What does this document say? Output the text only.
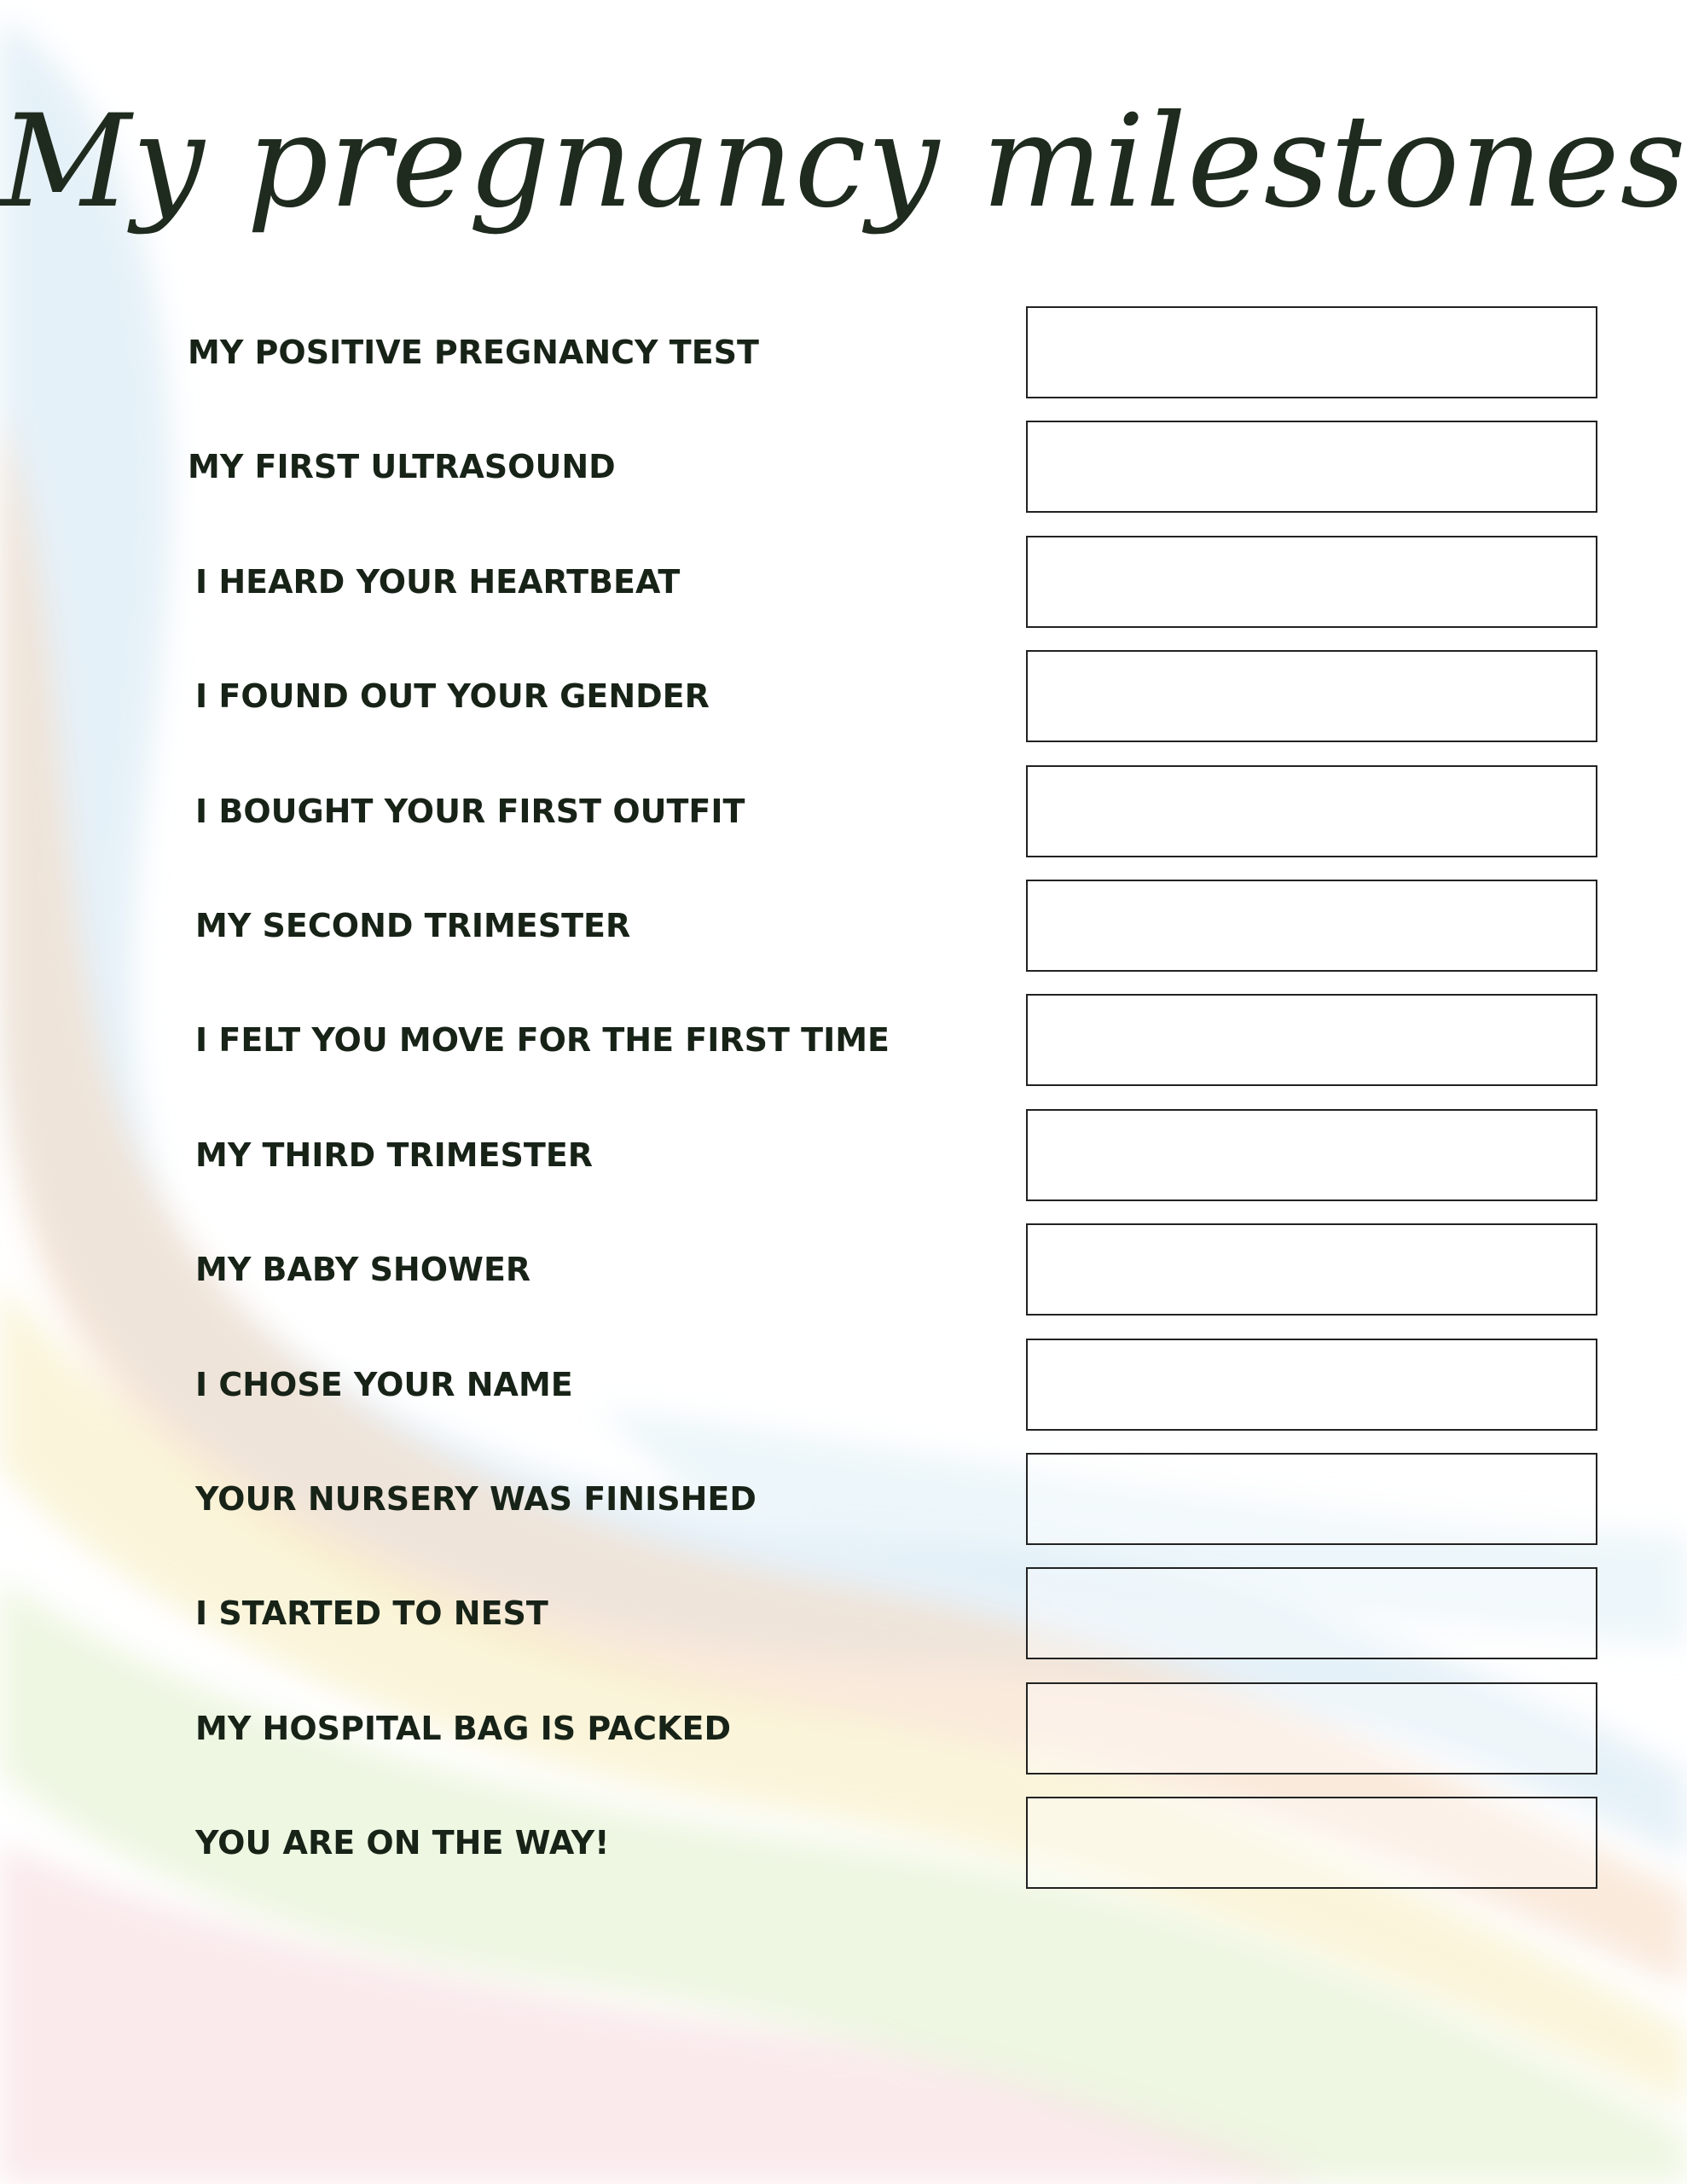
My pregnancy milestones
MY POSITIVE PREGNANCY TEST
MY FIRST ULTRASOUND
I HEARD YOUR HEARTBEAT
I FOUND OUT YOUR GENDER
I BOUGHT YOUR FIRST OUTFIT
MY SECOND TRIMESTER
I FELT YOU MOVE FOR THE FIRST TIME
MY THIRD TRIMESTER
MY BABY SHOWER
I CHOSE YOUR NAME
YOUR NURSERY WAS FINISHED
I STARTED TO NEST
MY HOSPITAL BAG IS PACKED
YOU ARE ON THE WAY!
